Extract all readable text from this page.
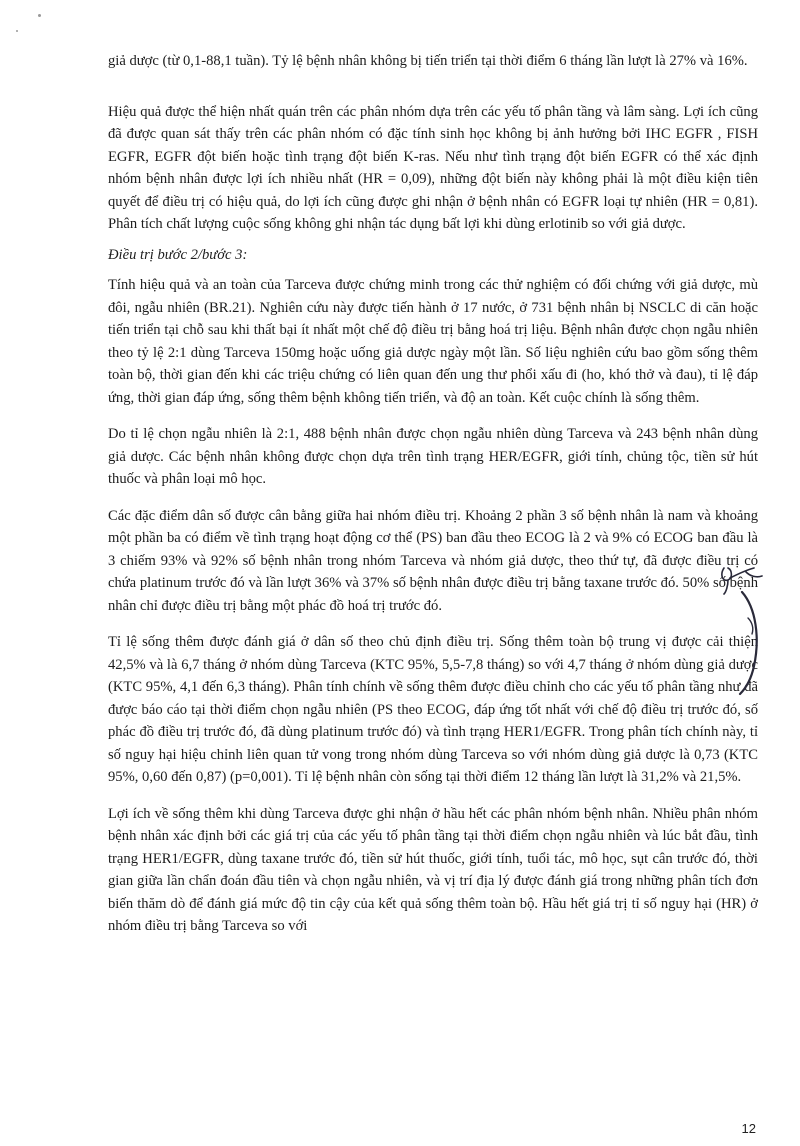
giả dược (từ 0,1-88,1 tuần). Tỷ lệ bệnh nhân không bị tiến triển tại thời điểm 6 tháng lần lượt là 27% và 16%.

Hiệu quả được thể hiện nhất quán trên các phân nhóm dựa trên các yếu tố phân tầng và lâm sàng. Lợi ích cũng đã được quan sát thấy trên các phân nhóm có đặc tính sinh học không bị ảnh hưởng bởi IHC EGFR , FISH EGFR, EGFR đột biến hoặc tình trạng đột biến K-ras. Nếu như tình trạng đột biến EGFR có thể xác định nhóm bệnh nhân được lợi ích nhiều nhất (HR = 0,09), những đột biến này không phải là một điều kiện tiên quyết để điều trị có hiệu quả, do lợi ích cũng được ghi nhận ở bệnh nhân có EGFR loại tự nhiên (HR = 0,81). Phân tích chất lượng cuộc sống không ghi nhận tác dụng bất lợi khi dùng erlotinib so với giả dược.

Điều trị bước 2/bước 3:

Tính hiệu quả và an toàn của Tarceva được chứng minh trong các thử nghiệm có đối chứng với giả dược, mù đôi, ngẫu nhiên (BR.21). Nghiên cứu này được tiến hành ở 17 nước, ở 731 bệnh nhân bị NSCLC di căn hoặc tiến triển tại chỗ sau khi thất bại ít nhất một chế độ điều trị bằng hoá trị liệu. Bệnh nhân được chọn ngẫu nhiên theo tỷ lệ 2:1 dùng Tarceva 150mg hoặc uống giả dược ngày một lần. Số liệu nghiên cứu bao gồm sống thêm toàn bộ, thời gian đến khi các triệu chứng có liên quan đến ung thư phổi xấu đi (ho, khó thở và đau), tỉ lệ đáp ứng, thời gian đáp ứng, sống thêm bệnh không tiến triển, và độ an toàn. Kết cuộc chính là sống thêm.

Do tỉ lệ chọn ngẫu nhiên là 2:1, 488 bệnh nhân được chọn ngẫu nhiên dùng Tarceva và 243 bệnh nhân dùng giả dược. Các bệnh nhân không được chọn dựa trên tình trạng HER/EGFR, giới tính, chủng tộc, tiền sử hút thuốc và phân loại mô học.

Các đặc điểm dân số được cân bằng giữa hai nhóm điều trị. Khoảng 2 phần 3 số bệnh nhân là nam và khoảng một phần ba có điểm về tình trạng hoạt động cơ thể (PS) ban đầu theo ECOG là 2 và 9% có ECOG ban đầu là 3 chiếm 93% và 92% số bệnh nhân trong nhóm Tarceva và nhóm giả dược, theo thứ tự, đã được điều trị có chứa platinum trước đó và lần lượt 36% và 37% số bệnh nhân được điều trị bằng taxane trước đó. 50% số bệnh nhân chỉ được điều trị bằng một phác đồ hoá trị trước đó.

Tỉ lệ sống thêm được đánh giá ở dân số theo chủ định điều trị. Sống thêm toàn bộ trung vị được cải thiện 42,5% và là 6,7 tháng ở nhóm dùng Tarceva (KTC 95%, 5,5-7,8 tháng) so với 4,7 tháng ở nhóm dùng giả dược (KTC 95%, 4,1 đến 6,3 tháng). Phân tính chính về sống thêm được điều chỉnh cho các yếu tố phân tầng như đã được báo cáo tại thời điểm chọn ngẫu nhiên (PS theo ECOG, đáp ứng tốt nhất với chế độ điều trị trước đó, số phác đồ điều trị trước đó, đã dùng platinum trước đó) và tình trạng HER1/EGFR. Trong phân tích chính này, tỉ số nguy hại hiệu chỉnh liên quan tử vong trong nhóm dùng Tarceva so với nhóm dùng giả dược là 0,73 (KTC 95%, 0,60 đến 0,87) (p=0,001). Tỉ lệ bệnh nhân còn sống tại thời điểm 12 tháng lần lượt là 31,2% và 21,5%.

Lợi ích về sống thêm khi dùng Tarceva được ghi nhận ở hầu hết các phân nhóm bệnh nhân. Nhiều phân nhóm bệnh nhân xác định bởi các giá trị của các yếu tố phân tầng tại thời điểm chọn ngẫu nhiên và lúc bắt đầu, tình trạng HER1/EGFR, dùng taxane trước đó, tiền sử hút thuốc, giới tính, tuổi tác, mô học, sụt cân trước đó, thời gian giữa lần chẩn đoán đầu tiên và chọn ngẫu nhiên, và vị trí địa lý được đánh giá trong những phân tích đơn biến thăm dò để đánh giá mức độ tin cậy của kết quả sống thêm toàn bộ. Hầu hết giá trị tỉ số nguy hại (HR) ở nhóm điều trị bằng Tarceva so với

12
